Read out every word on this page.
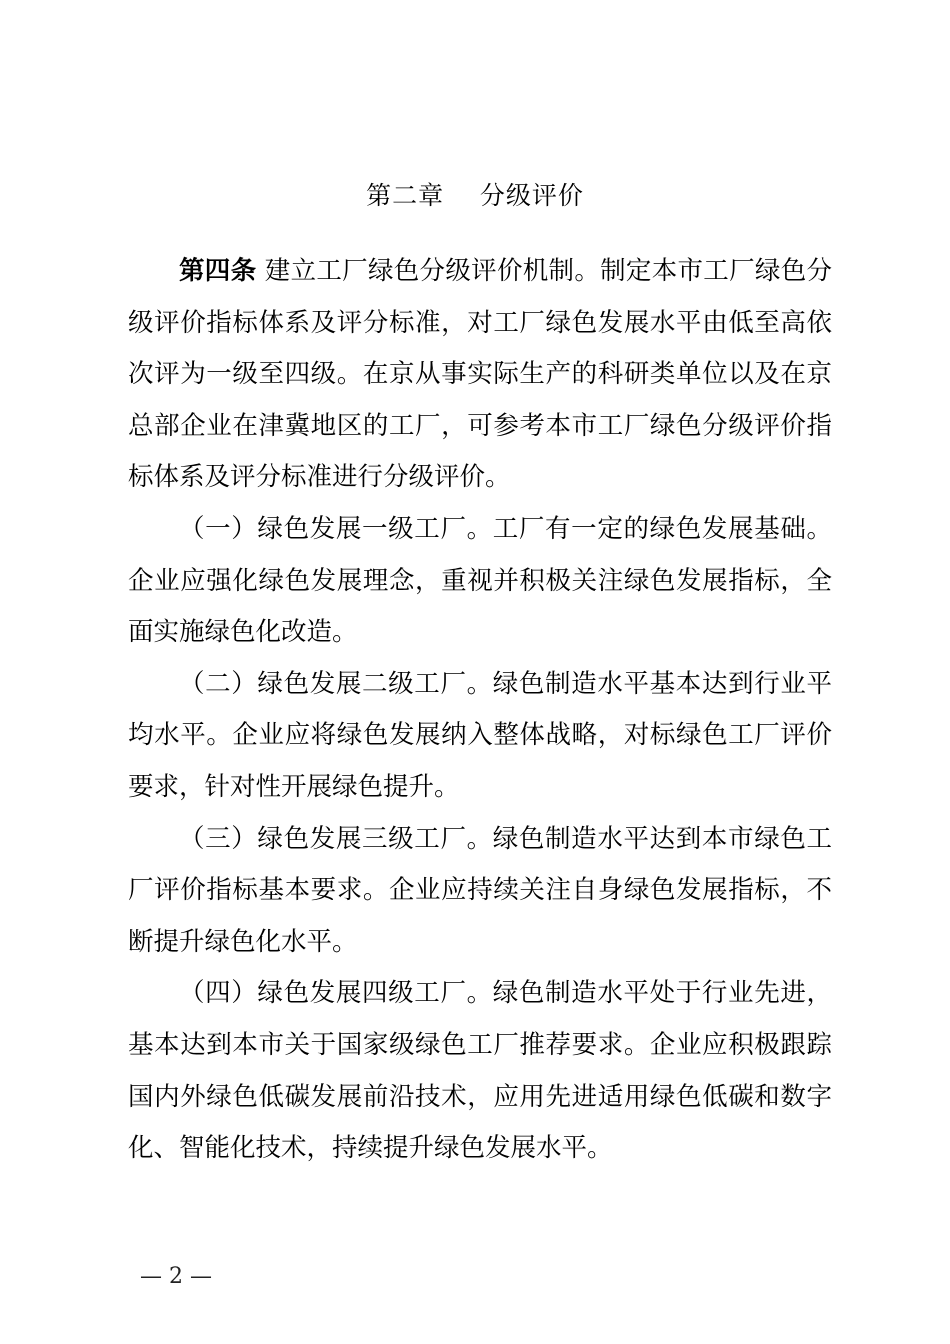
第二章    分级评价

第四条 建立工厂绿色分级评价机制。制定本市工厂绿色分级评价指标体系及评分标准，对工厂绿色发展水平由低至高依次评为一级至四级。在京从事实际生产的科研类单位以及在京总部企业在津冀地区的工厂，可参考本市工厂绿色分级评价指标体系及评分标准进行分级评价。

（一）绿色发展一级工厂。工厂有一定的绿色发展基础。企业应强化绿色发展理念，重视并积极关注绿色发展指标，全面实施绿色化改造。

（二）绿色发展二级工厂。绿色制造水平基本达到行业平均水平。企业应将绿色发展纳入整体战略，对标绿色工厂评价要求，针对性开展绿色提升。

（三）绿色发展三级工厂。绿色制造水平达到本市绿色工厂评价指标基本要求。企业应持续关注自身绿色发展指标，不断提升绿色化水平。

（四）绿色发展四级工厂。绿色制造水平处于行业先进，基本达到本市关于国家级绿色工厂推荐要求。企业应积极跟踪国内外绿色低碳发展前沿技术，应用先进适用绿色低碳和数字化、智能化技术，持续提升绿色发展水平。

— 2 —
